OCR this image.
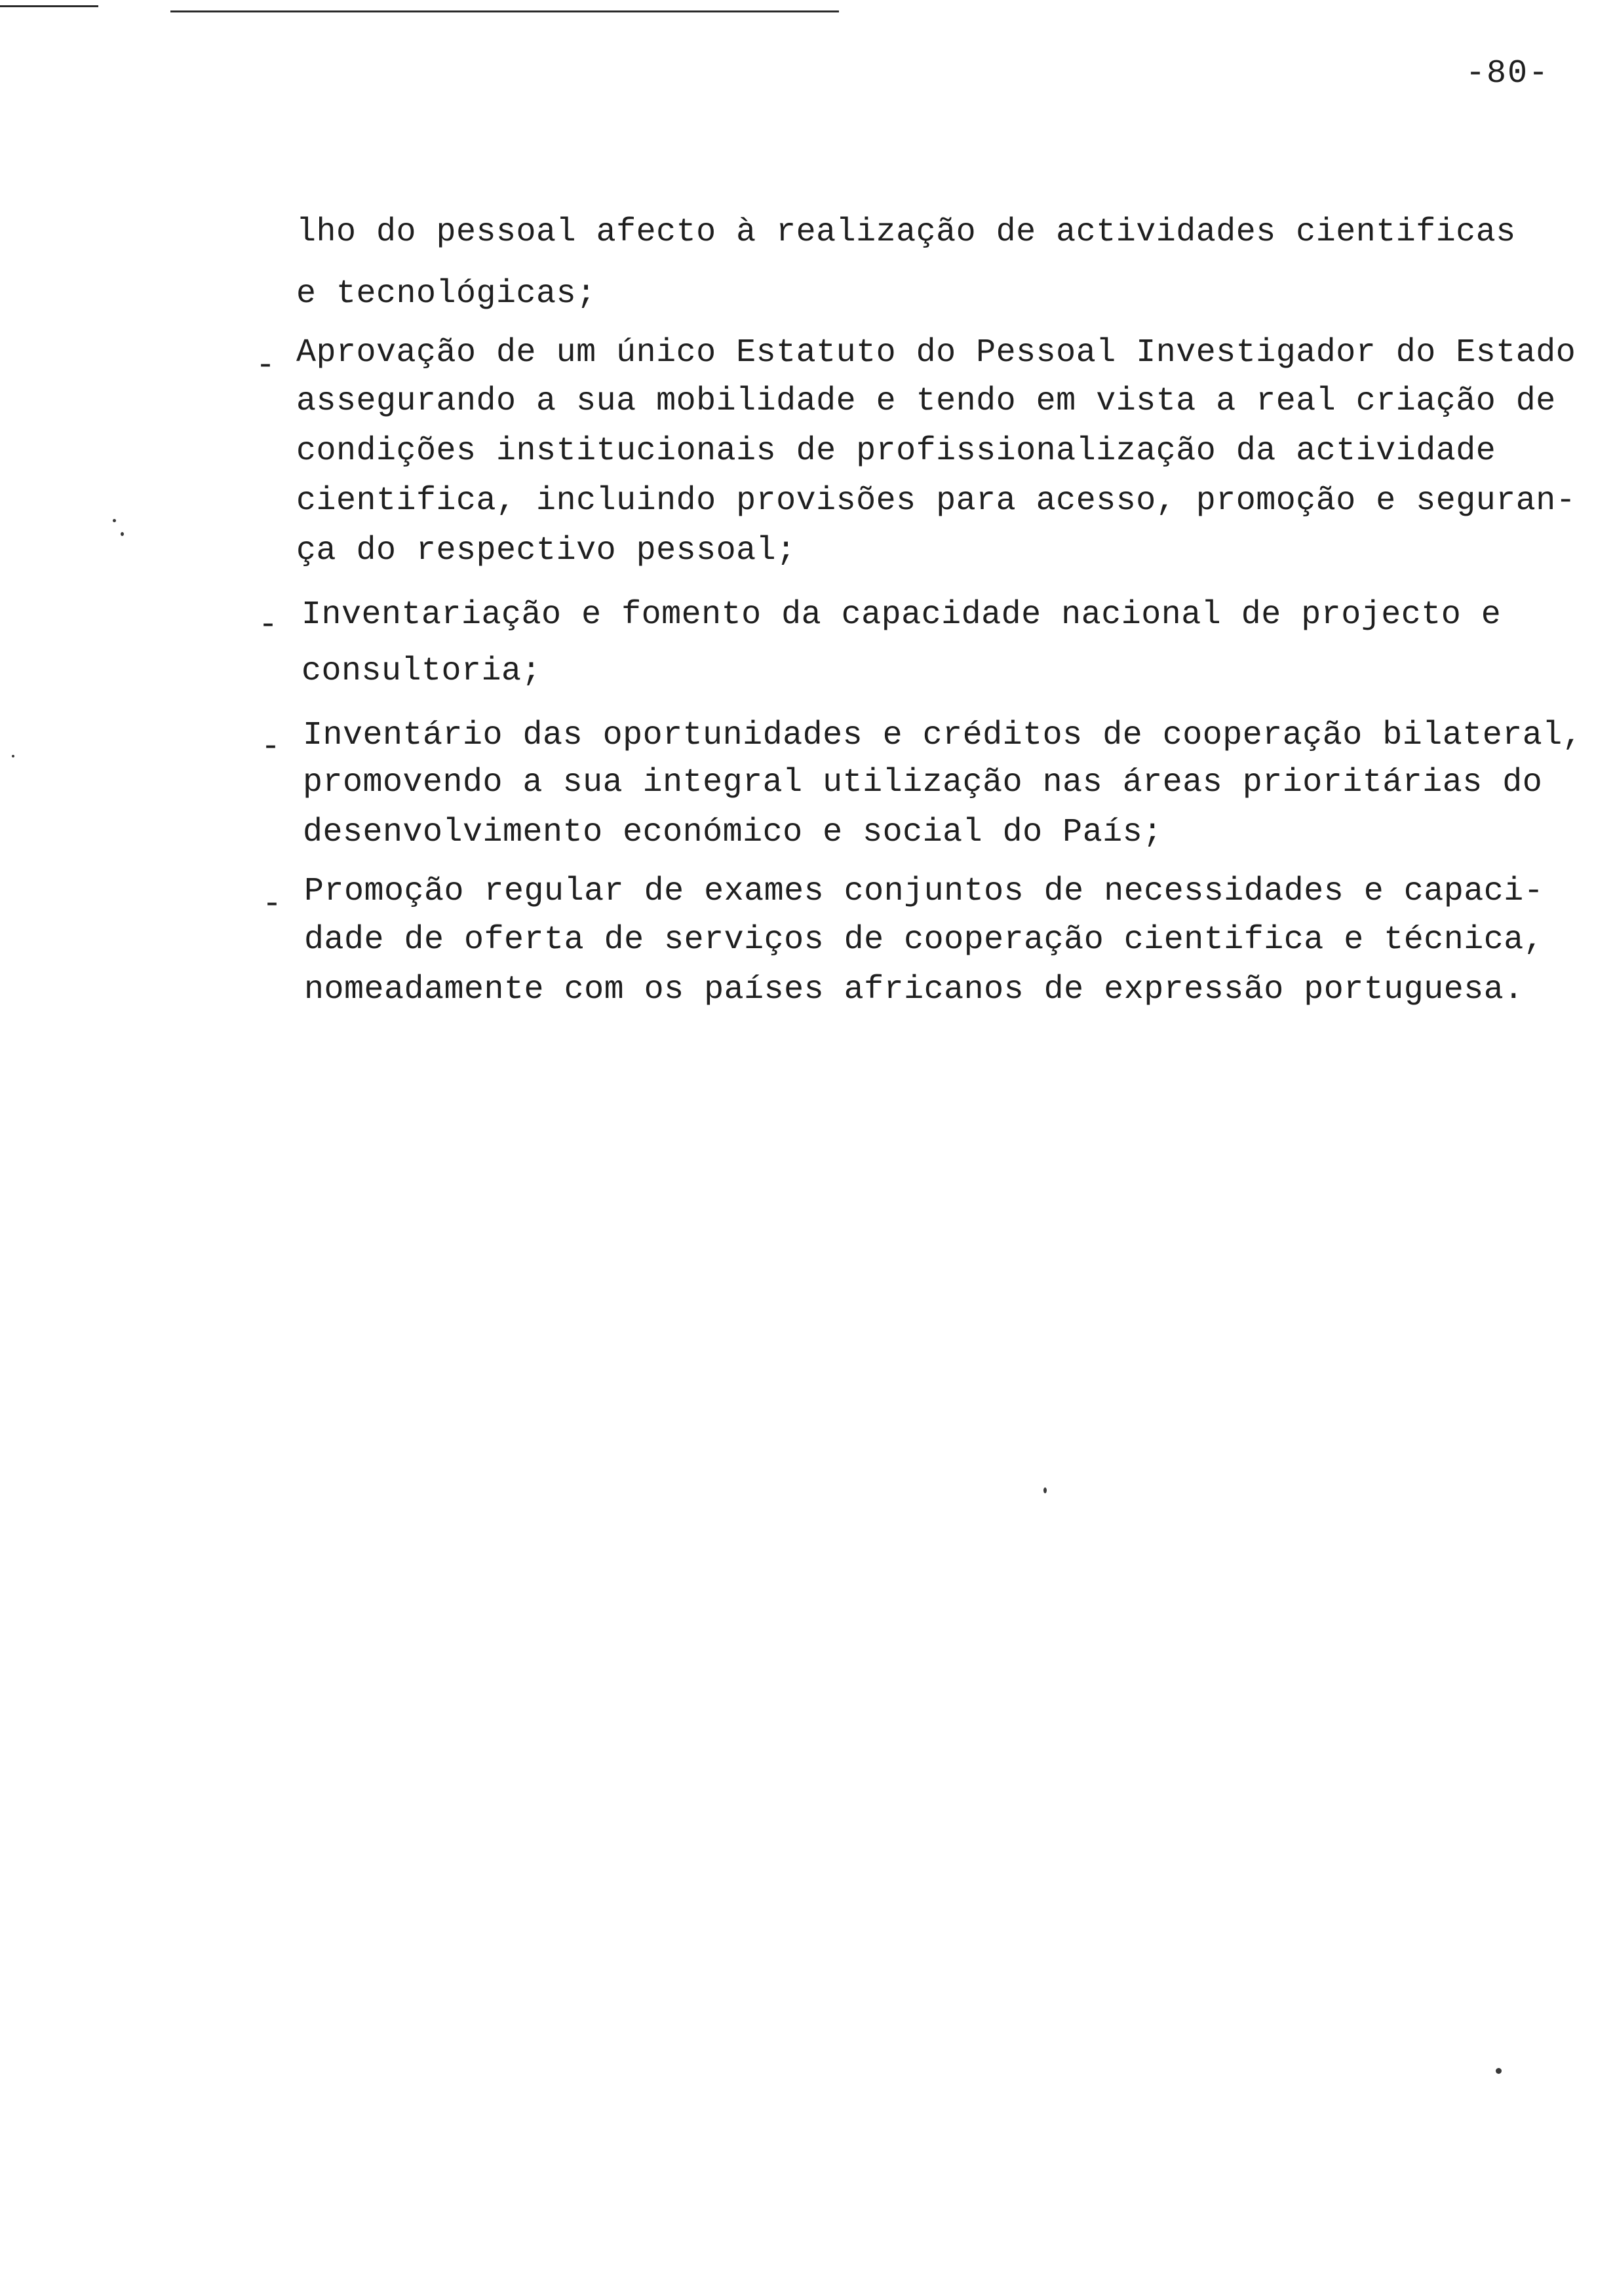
-80-
lho do pessoal afecto à realização de actividades cientificas
e tecnológicas;
- Aprovação de um único Estatuto do Pessoal Investigador do Estado
assegurando a sua mobilidade e tendo em vista a real criação de
condições institucionais de profissionalização da actividade
cientifica, incluindo provisões para acesso, promoção e seguran-
ça do respectivo pessoal;
- Inventariação e fomento da capacidade nacional de projecto e
consultoria;
- Inventário das oportunidades e créditos de cooperação bilateral,
promovendo a sua integral utilização nas áreas prioritárias do
desenvolvimento económico e social do País;
- Promoção regular de exames conjuntos de necessidades e capaci-
dade de oferta de serviços de cooperação cientifica e técnica,
nomeadamente com os países africanos de expressão portuguesa.
